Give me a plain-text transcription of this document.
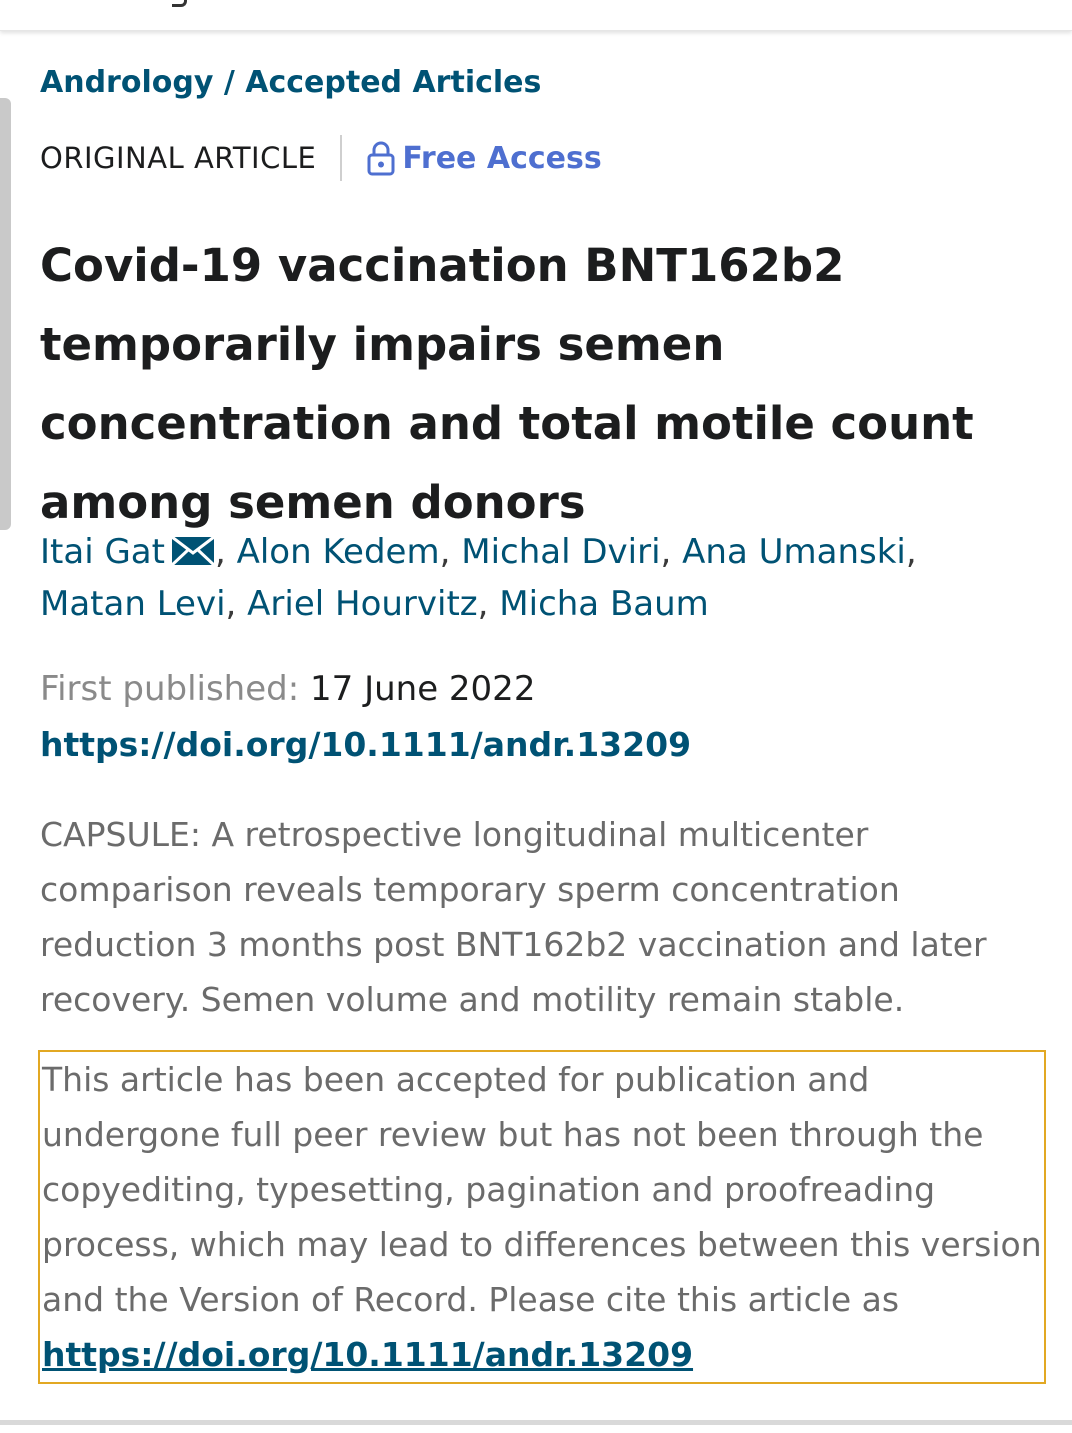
Andrology / Accepted Articles
ORIGINAL ARTICLE	Free Access
Covid-19 vaccination BNT162b2 temporarily impairs semen concentration and total motile count among semen donors
Itai Gat , Alon Kedem, Michal Dviri, Ana Umanski,
Matan Levi, Ariel Hourvitz, Micha Baum
First published: 17 June 2022
https://doi.org/10.1111/andr.13209

CAPSULE: A retrospective longitudinal multicenter comparison reveals temporary sperm concentration reduction 3 months post BNT162b2 vaccination and later recovery. Semen volume and motility remain stable.

This article has been accepted for publication and undergone full peer review but has not been through the copyediting, typesetting, pagination and proofreading process, which may lead to differences between this version and the Version of Record. Please cite this article as https://doi.org/10.1111/andr.13209
